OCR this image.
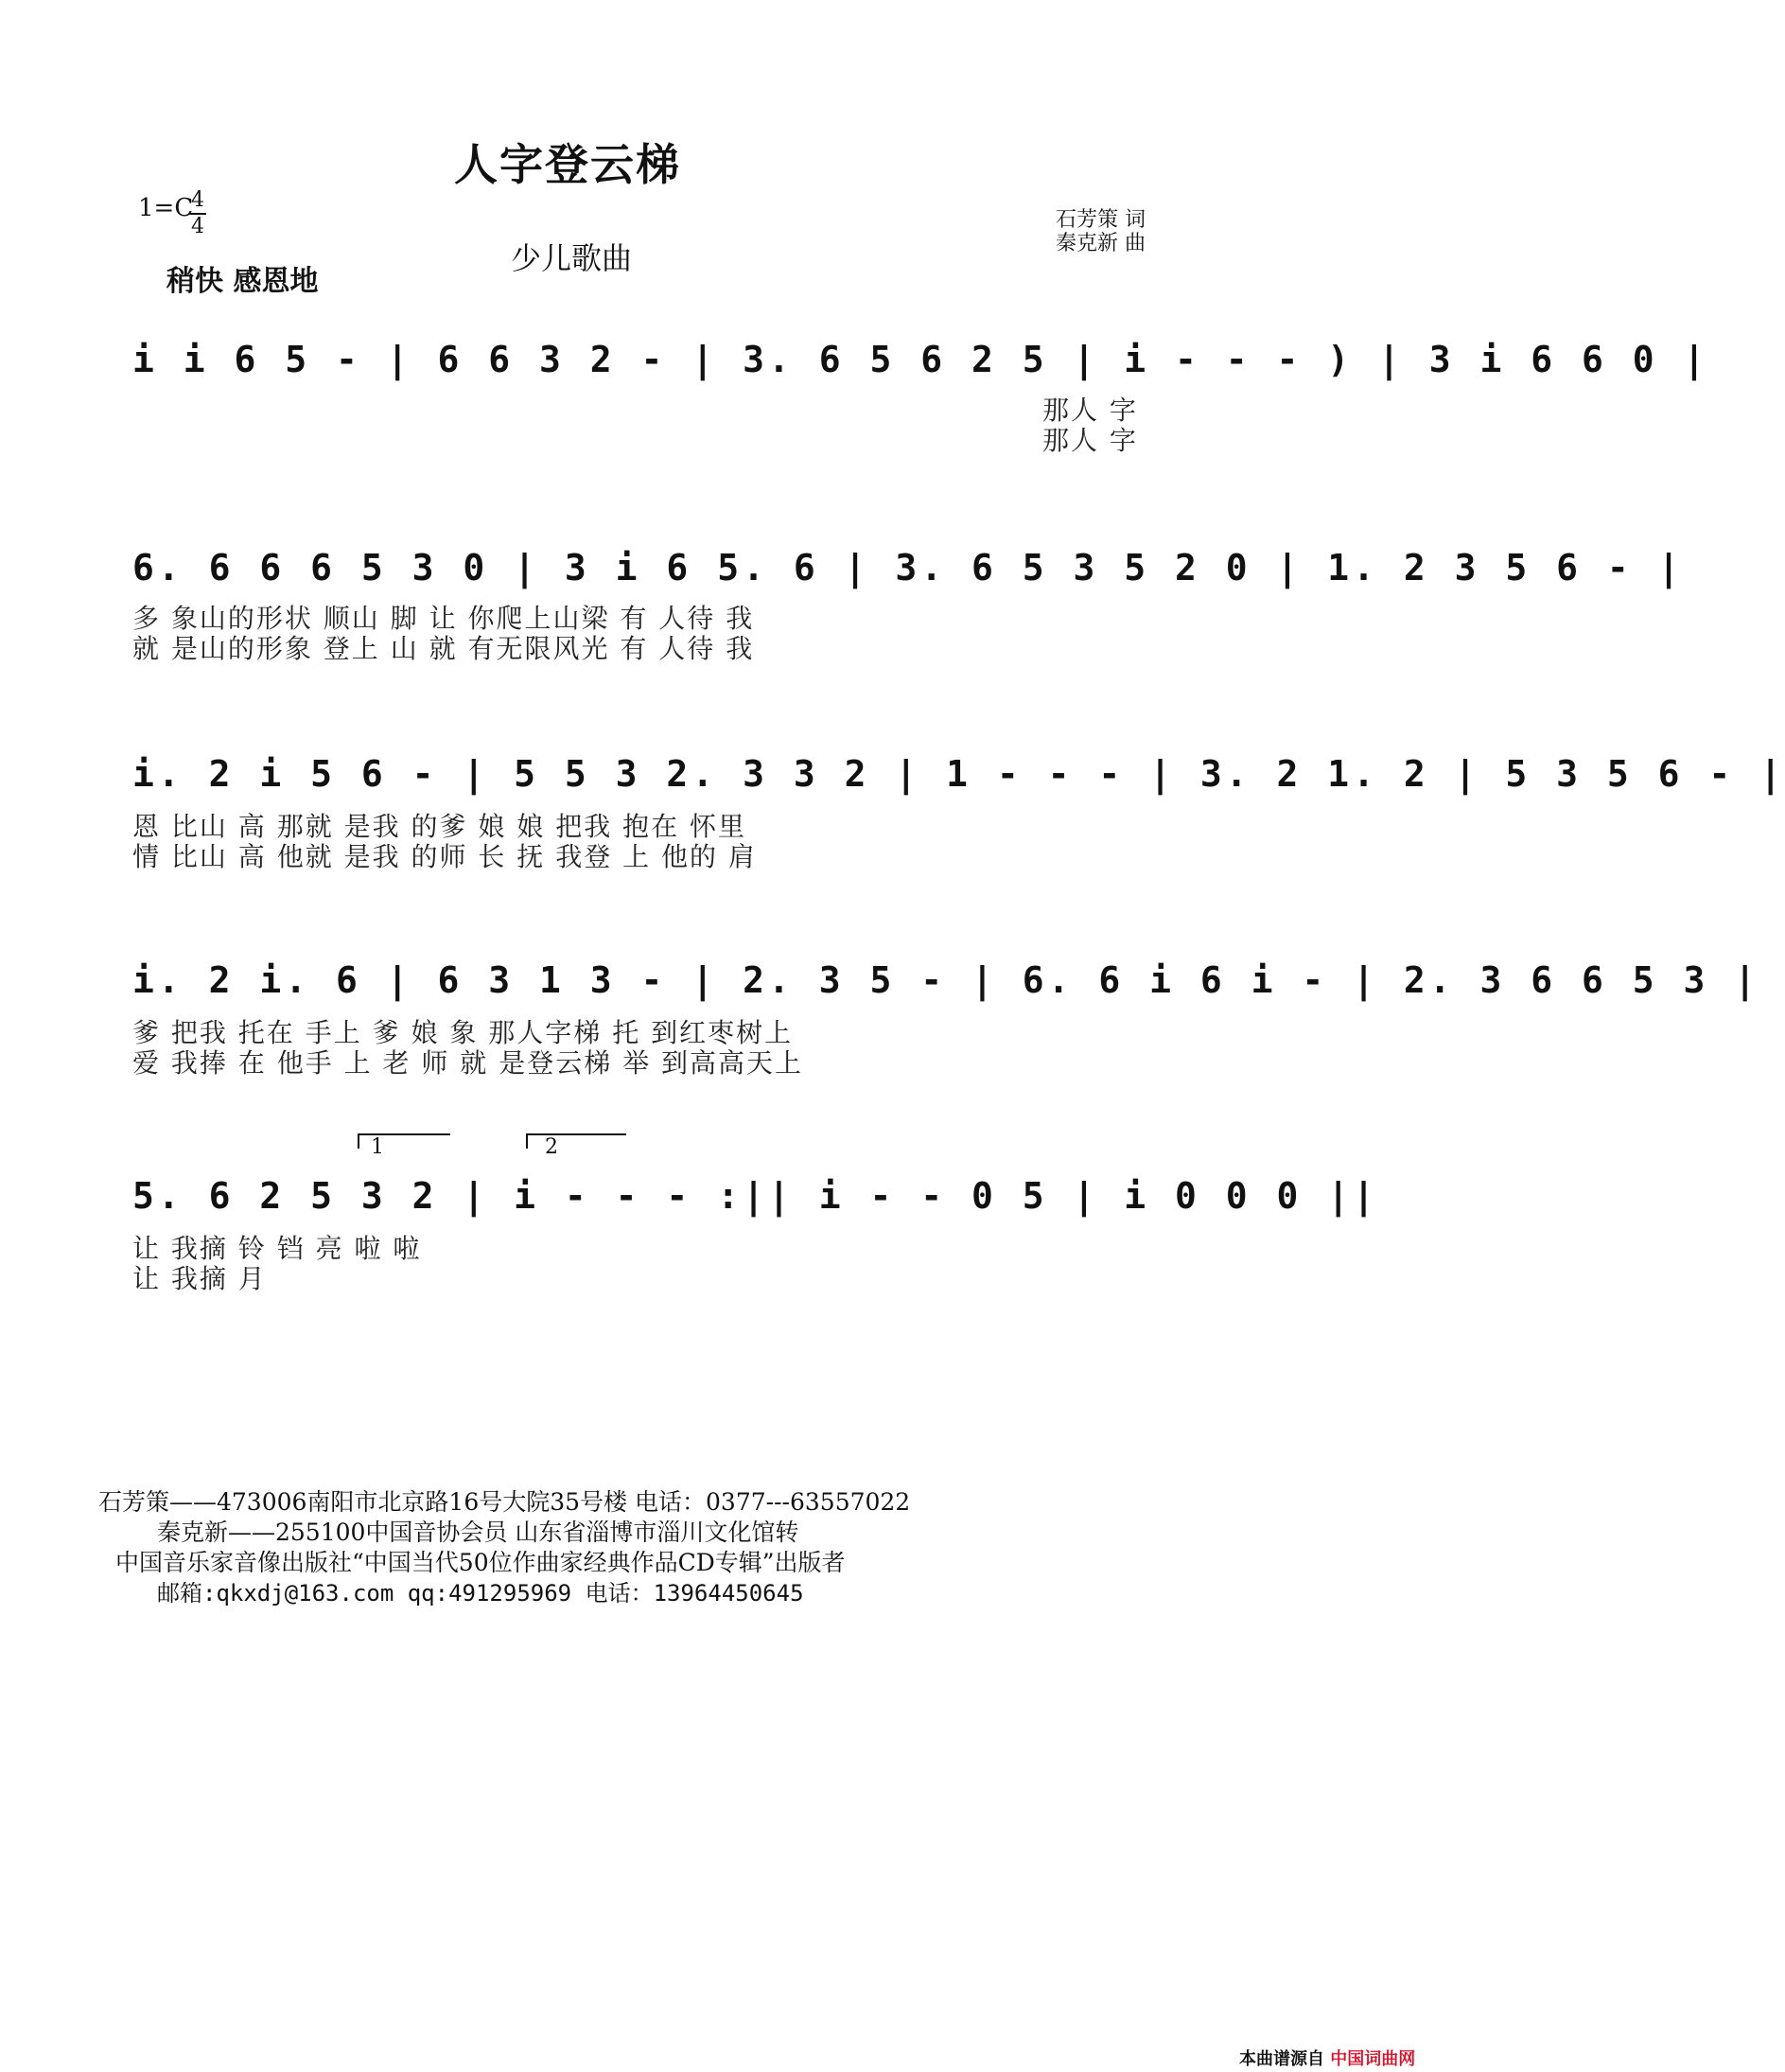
人字登云梯
1=C
4
4
稍快 感恩地
少儿歌曲
石芳策 词
秦克新 曲
i i 6 5 - | 6 6 3 2 - | 3. 6 5 6 2 5 | i - - - ) | 3 i 6 6 0 |
那人 字
那人 字
6. 6 6 6 5 3 0 | 3 i 6 5. 6 | 3. 6 5 3 5 2 0 | 1. 2 3 5 6 - |
多 象山的形状 顺山 脚 让 你爬上山梁 有 人待 我
就 是山的形象 登上 山 就 有无限风光 有 人待 我
i. 2 i 5 6 - | 5 5 3 2. 3 3 2 | 1 - - - | 3. 2 1. 2 | 5 3 5 6 - |
恩 比山 高 那就 是我 的爹 娘 娘 把我 抱在 怀里
情 比山 高 他就 是我 的师 长 抚 我登 上 他的 肩
i. 2 i. 6 | 6 3 1 3 - | 2. 3 5 - | 6. 6 i 6 i - | 2. 3 6 6 5 3 |
爹 把我 托在 手上 爹 娘 象 那人字梯 托 到红枣树上
爱 我捧 在 他手 上 老 师 就 是登云梯 举 到高高天上
1	2
5. 6 2 5 3 2 | i - - - :|| i - - 0 5 | i 0 0 0 ||
让 我摘 铃 铛 亮 啦 啦
让 我摘 月
石芳策——473006南阳市北京路16号大院35号楼 电话：0377---63557022
秦克新——255100中国音协会员 山东省淄博市淄川文化馆转
中国音乐家音像出版社“中国当代50位作曲家经典作品CD专辑”出版者
邮箱:qkxdj@163.com qq:491295969 电话：13964450645
本曲谱源自 中国词曲网
